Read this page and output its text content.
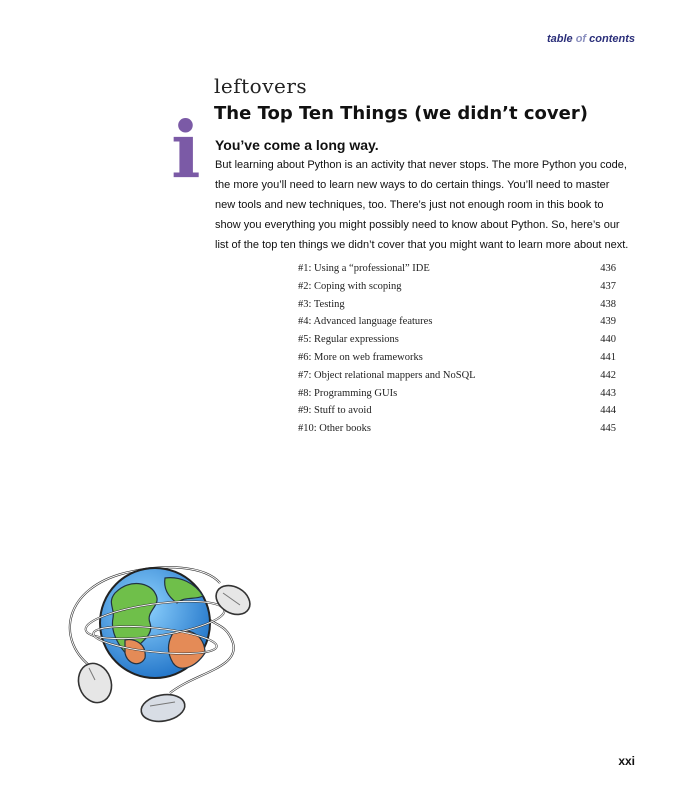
table of contents
leftovers
i The Top Ten Things (we didn’t cover)
You’ve come a long way.

But learning about Python is an activity that never stops. The more Python you code, the more you’ll need to learn new ways to do certain things. You’ll need to master new tools and new techniques, too. There’s just not enough room in this book to show you everything you might possibly need to know about Python. So, here’s our list of the top ten things we didn’t cover that you might want to learn more about next.

#1: Using a “professional” IDE	436
#2: Coping with scoping	437
#3: Testing	438
#4: Advanced language features	439
#5: Regular expressions	440
#6: More on web frameworks	441
#7: Object relational mappers and NoSQL	442
#8: Programming GUIs	443
#9: Stuff to avoid	444
#10: Other books	445
xxi
